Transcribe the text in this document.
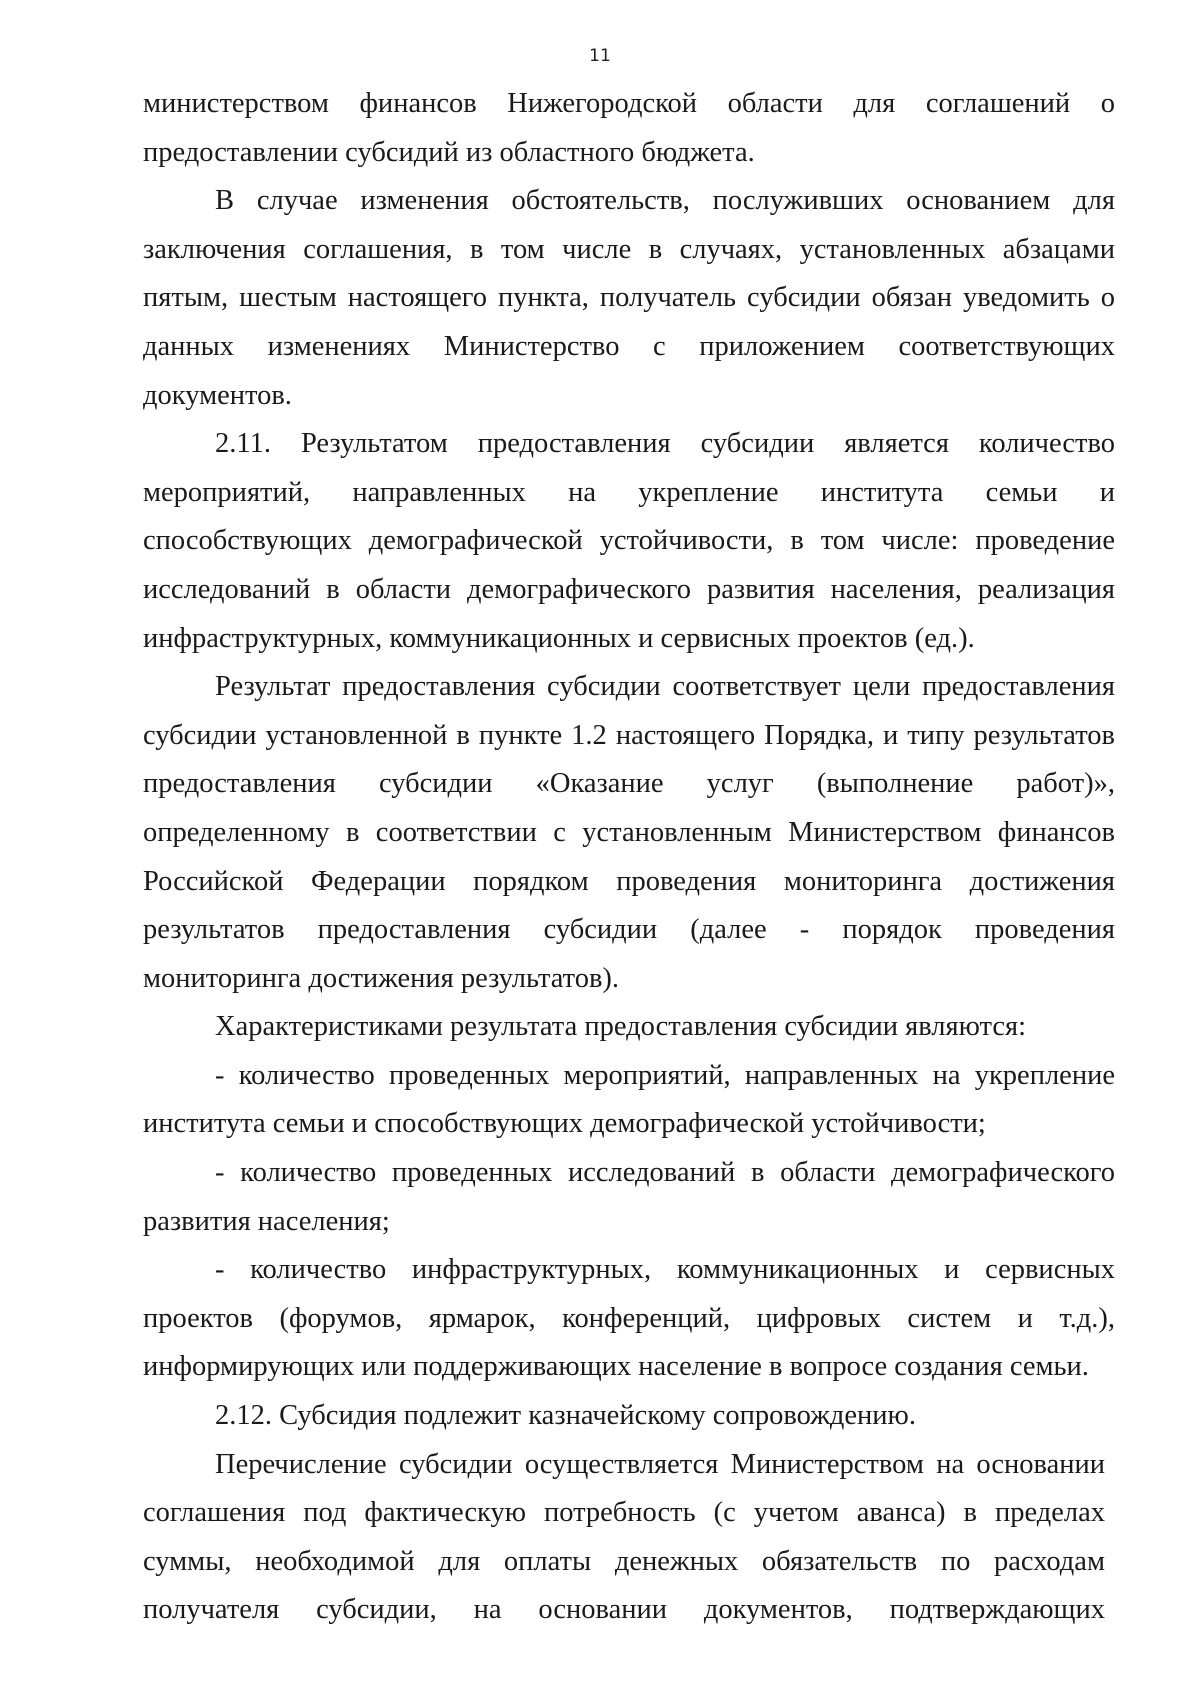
11

министерством финансов Нижегородской области для соглашений о предоставлении субсидий из областного бюджета.

В случае изменения обстоятельств, послуживших основанием для заключения соглашения, в том числе в случаях, установленных абзацами пятым, шестым настоящего пункта, получатель субсидии обязан уведомить о данных изменениях Министерство с приложением соответствующих документов.

2.11. Результатом предоставления субсидии является количество мероприятий, направленных на укрепление института семьи и способствующих демографической устойчивости, в том числе: проведение исследований в области демографического развития населения, реализация инфраструктурных, коммуникационных и сервисных проектов (ед.).

Результат предоставления субсидии соответствует цели предоставления субсидии установленной в пункте 1.2 настоящего Порядка, и типу результатов предоставления субсидии «Оказание услуг (выполнение работ)», определенному в соответствии с установленным Министерством финансов Российской Федерации порядком проведения мониторинга достижения результатов предоставления субсидии (далее - порядок проведения мониторинга достижения результатов).

Характеристиками результата предоставления субсидии являются:

- количество проведенных мероприятий, направленных на укрепление института семьи и способствующих демографической устойчивости;

- количество проведенных исследований в области демографического развития населения;

- количество инфраструктурных, коммуникационных и сервисных проектов (форумов, ярмарок, конференций, цифровых систем и т.д.), информирующих или поддерживающих население в вопросе создания семьи.

2.12. Субсидия подлежит казначейскому сопровождению.

Перечисление субсидии осуществляется Министерством на основании соглашения под фактическую потребность (с учетом аванса) в пределах суммы, необходимой для оплаты денежных обязательств по расходам получателя субсидии, на основании документов, подтверждающих
